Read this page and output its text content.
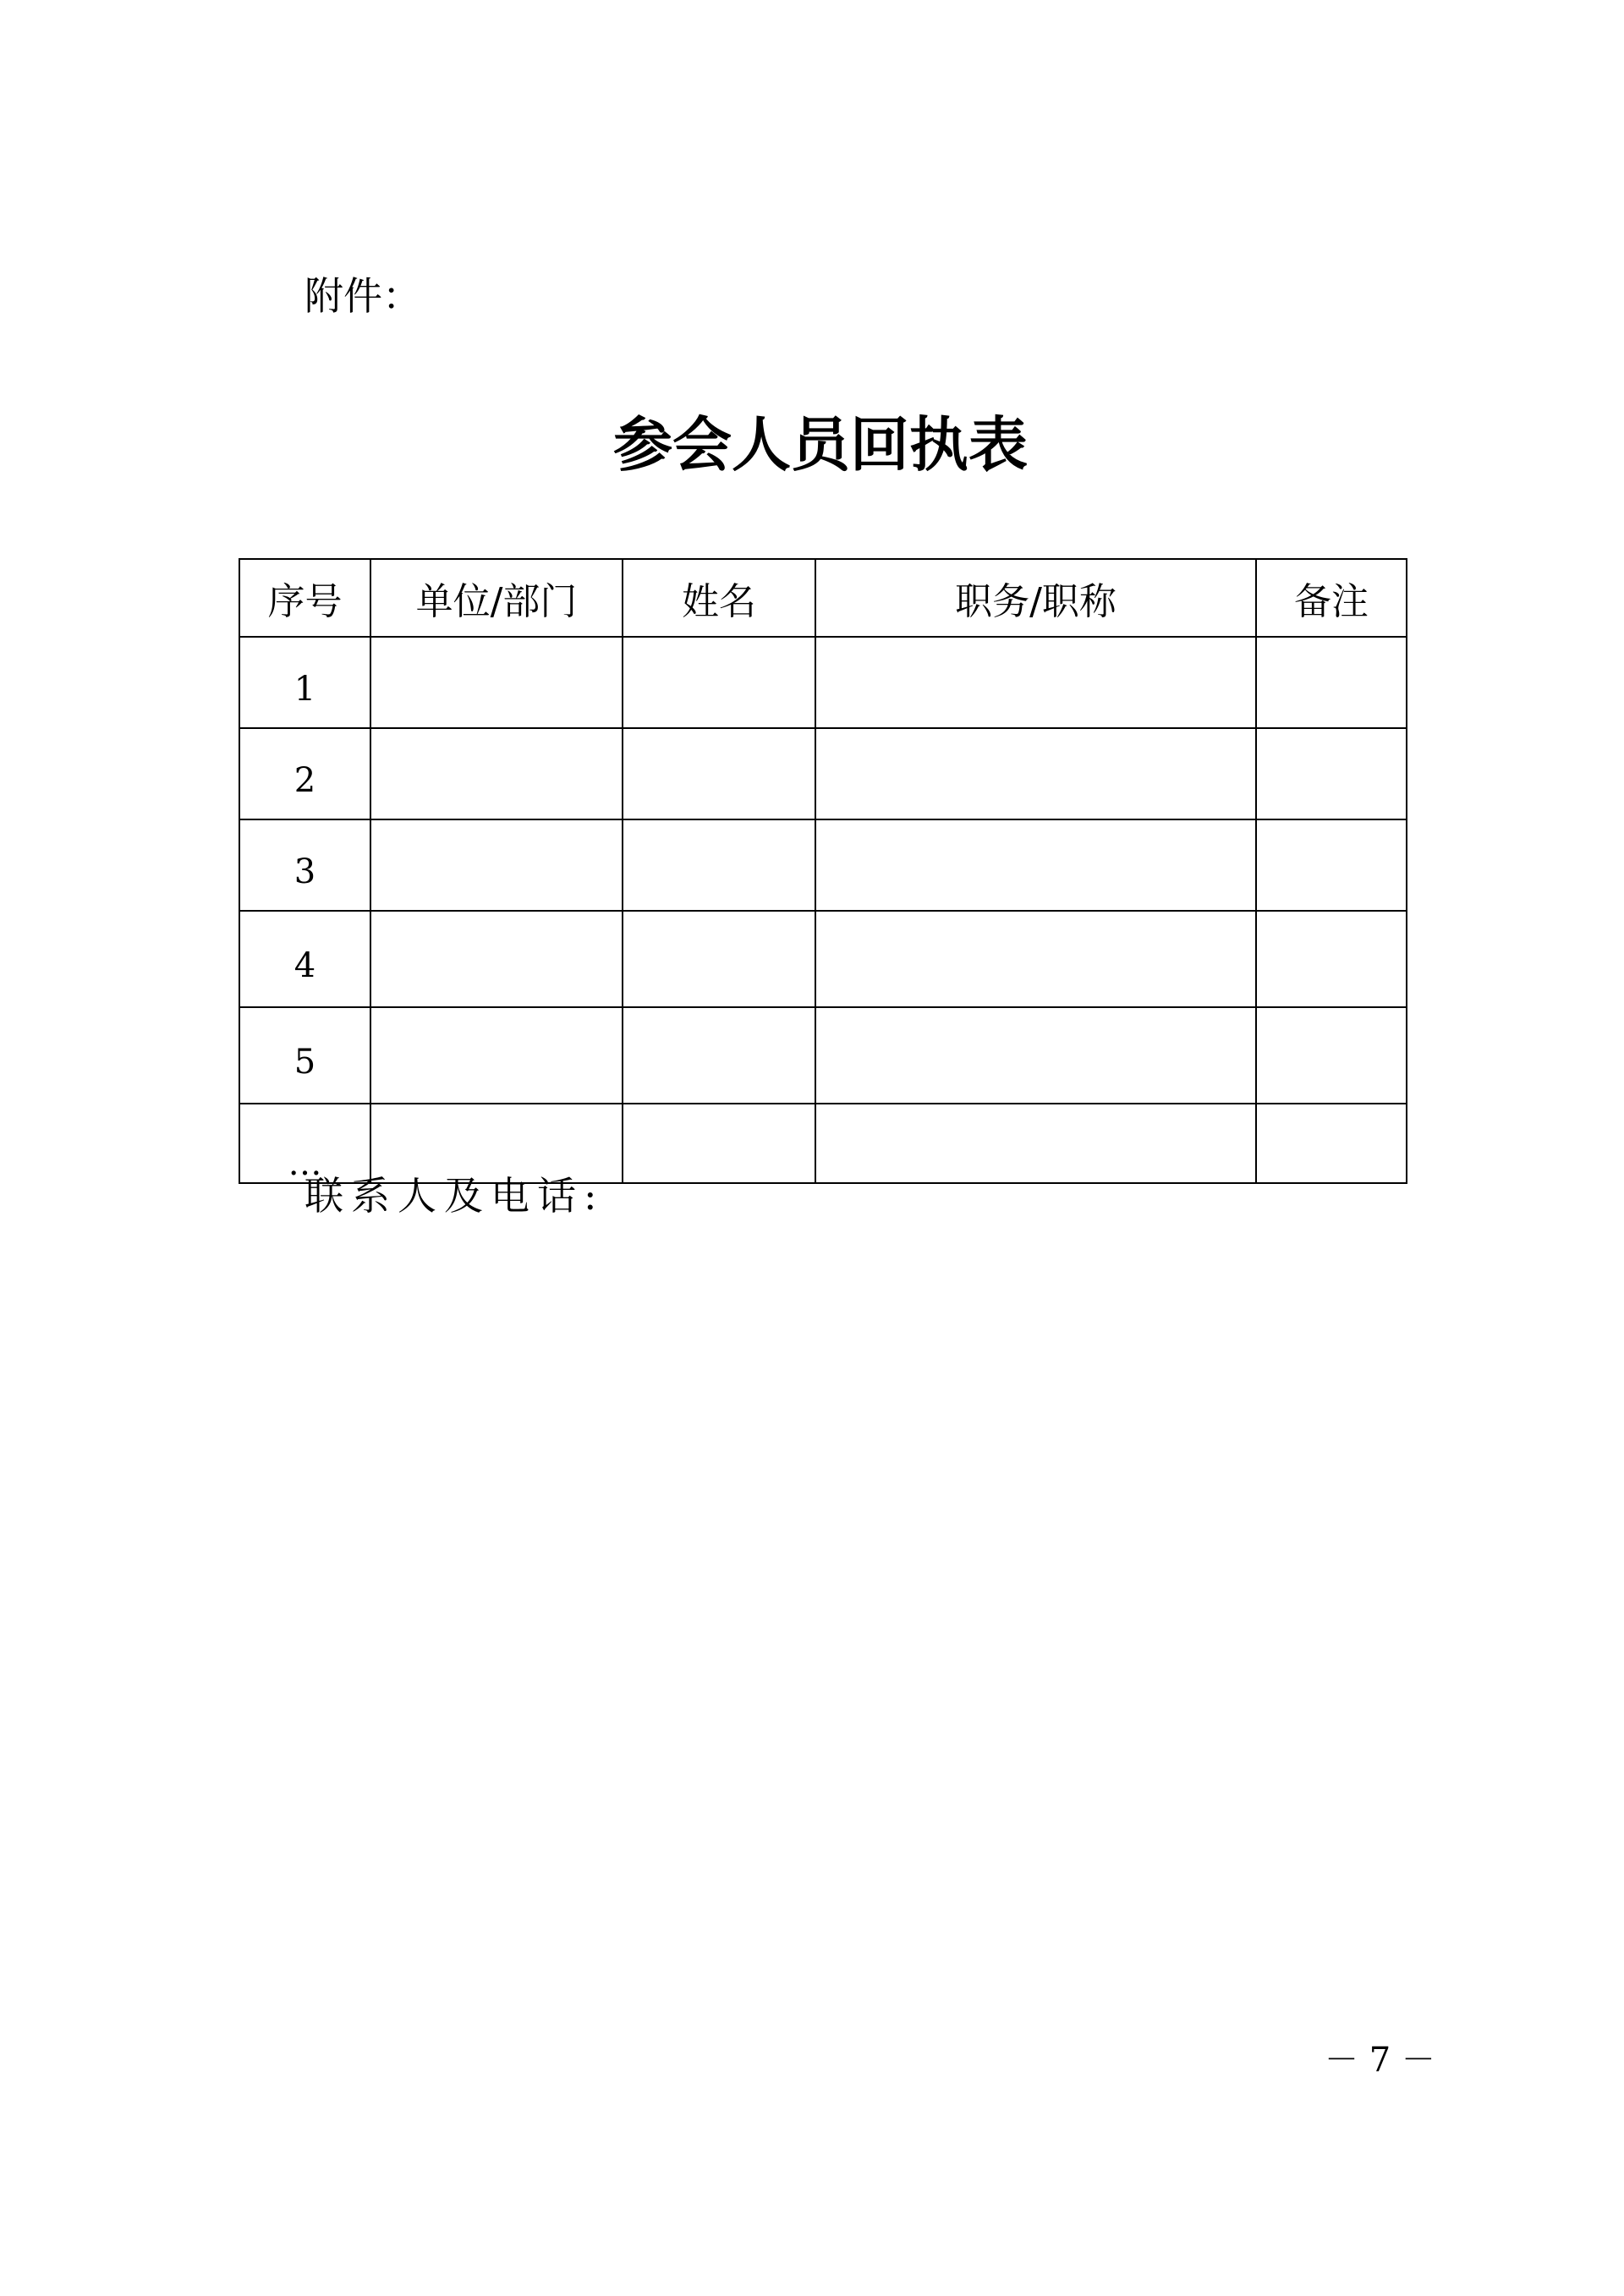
附件：
参会人员回执表
序号	单位/部门	姓名	职务/职称	备注
1				
2				
3				
4				
5				
…				
联系人及电话:
－ 7 －
